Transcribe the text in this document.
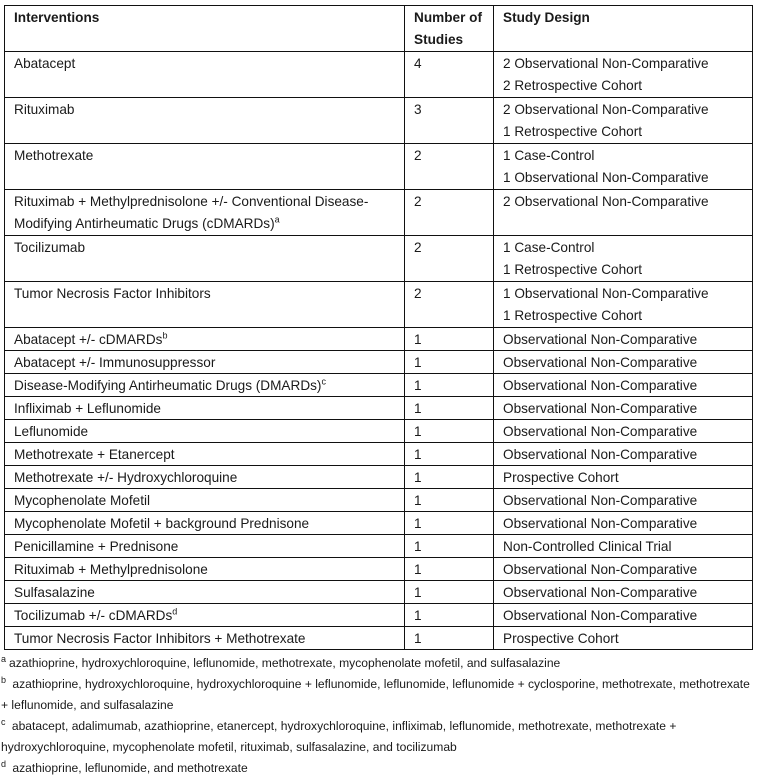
Interventions	Number of Studies	Study Design
Abatacept	4	2 Observational Non-Comparative
2 Retrospective Cohort

Rituximab	3	2 Observational Non-Comparative
1 Retrospective Cohort

Methotrexate	2	1 Case-Control
1 Observational Non-Comparative

Rituximab + Methylprednisolone +/- Conventional Disease-Modifying Antirheumatic Drugs (cDMARDs)$^a$	2	2 Observational Non-Comparative

Tocilizumab	2	1 Case-Control
1 Retrospective Cohort

Tumor Necrosis Factor Inhibitors	2	1 Observational Non-Comparative
1 Retrospective Cohort

Abatacept +/- cDMARDs$^b$	1	Observational Non-Comparative

Abatacept +/- Immunosuppressor	1	Observational Non-Comparative

Disease-Modifying Antirheumatic Drugs (DMARDs)$^c$	1	Observational Non-Comparative

Infliximab + Leflunomide	1	Observational Non-Comparative

Leflunomide	1	Observational Non-Comparative

Methotrexate + Etanercept	1	Observational Non-Comparative

Methotrexate +/- Hydroxychloroquine	1	Prospective Cohort

Mycophenolate Mofetil	1	Observational Non-Comparative

Mycophenolate Mofetil + background Prednisone	1	Observational Non-Comparative

Penicillamine + Prednisone	1	Non-Controlled Clinical Trial

Rituximab + Methylprednisolone	1	Observational Non-Comparative

Sulfasalazine	1	Observational Non-Comparative

Tocilizumab +/- cDMARDs$^d$	1	Observational Non-Comparative

Tumor Necrosis Factor Inhibitors + Methotrexate	1	Prospective Cohort
$^a$ azathioprine, hydroxychloroquine, leflunomide, methotrexate, mycophenolate mofetil, and sulfasalazine
$^b$ azathioprine, hydroxychloroquine, hydroxychloroquine + leflunomide, leflunomide, leflunomide + cyclosporine, methotrexate, methotrexate + leflunomide, and sulfasalazine
$^c$ abatacept, adalimumab, azathioprine, etanercept, hydroxychloroquine, infliximab, leflunomide, methotrexate, methotrexate + hydroxychloroquine, mycophenolate mofetil, rituximab, sulfasalazine, and tocilizumab
$^d$ azathioprine, leflunomide, and methotrexate
